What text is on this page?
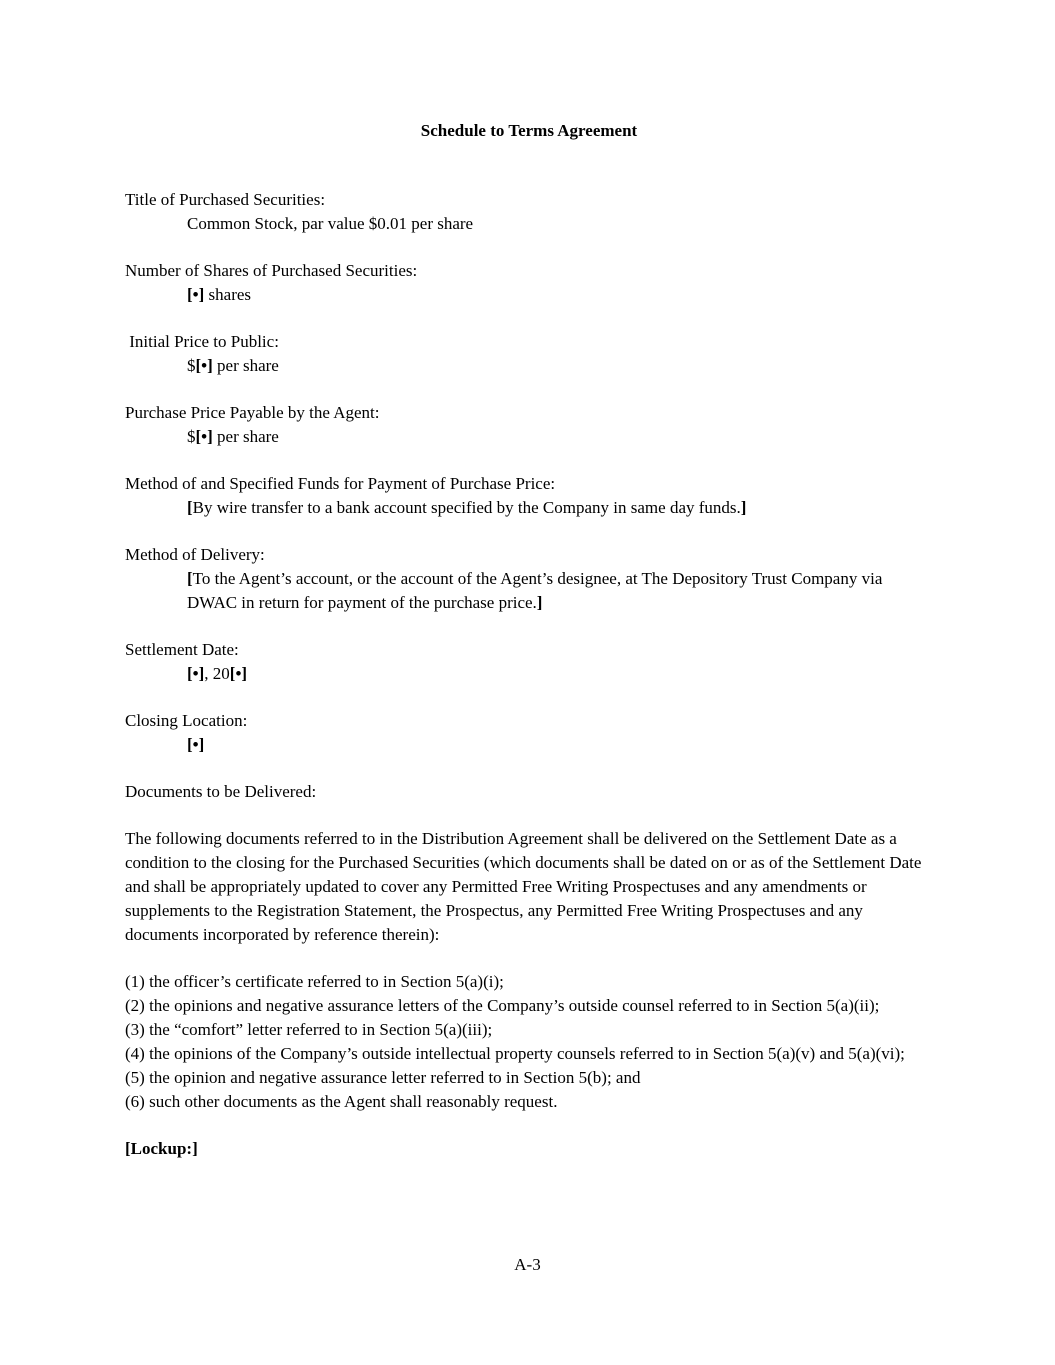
Schedule to Terms Agreement
Title of Purchased Securities:
Common Stock, par value $0.01 per share
Number of Shares of Purchased Securities:
[•] shares
Initial Price to Public:
$[•] per share
Purchase Price Payable by the Agent:
$[•] per share
Method of and Specified Funds for Payment of Purchase Price:
[By wire transfer to a bank account specified by the Company in same day funds.]
Method of Delivery:
[To the Agent’s account, or the account of the Agent’s designee, at The Depository Trust Company via DWAC in return for payment of the purchase price.]
Settlement Date:
[•], 20[•]
Closing Location:
[•]
Documents to be Delivered:
The following documents referred to in the Distribution Agreement shall be delivered on the Settlement Date as a condition to the closing for the Purchased Securities (which documents shall be dated on or as of the Settlement Date and shall be appropriately updated to cover any Permitted Free Writing Prospectuses and any amendments or supplements to the Registration Statement, the Prospectus, any Permitted Free Writing Prospectuses and any documents incorporated by reference therein):
(1) the officer’s certificate referred to in Section 5(a)(i);
(2) the opinions and negative assurance letters of the Company’s outside counsel referred to in Section 5(a)(ii);
(3) the “comfort” letter referred to in Section 5(a)(iii);
(4) the opinions of the Company’s outside intellectual property counsels referred to in Section 5(a)(v) and 5(a)(vi);
(5) the opinion and negative assurance letter referred to in Section 5(b); and
(6) such other documents as the Agent shall reasonably request.
[Lockup:]
A-3
